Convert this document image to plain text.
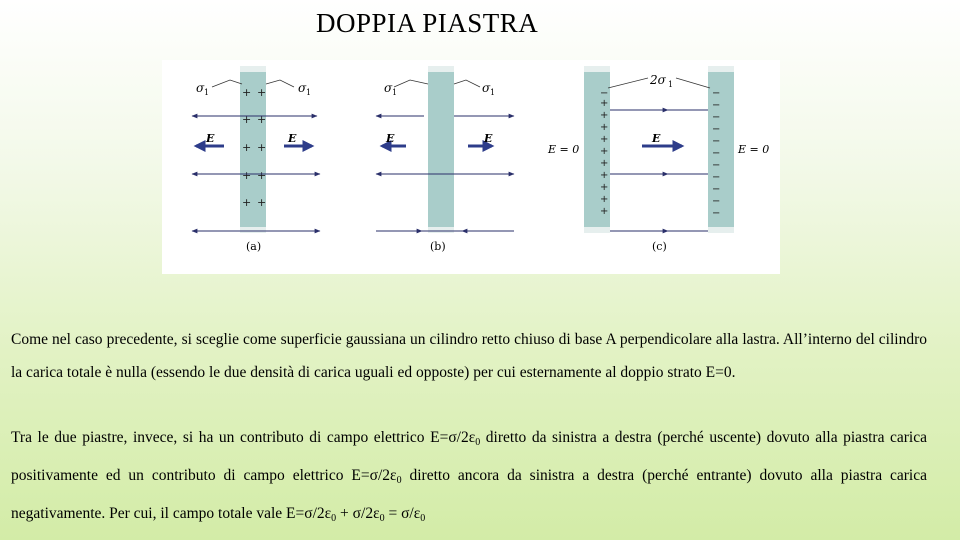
DOPPIA PIASTRA
+ +
+ +
+ +
+ +
+ +
E	E
σ 1	σ 1
(a)
E	E
σ 1	σ 1
(b)
−
+
+
+
+
+
+
+
+
+
+
−
−
−
−
−
−
−
−
−
−
−
E
E = 0	E = 0
2σ 1
(c)

Come nel caso precedente, si sceglie come superficie gaussiana un cilindro retto chiuso di base A perpendicolare alla lastra. All’interno del cilindro la carica totale è nulla (essendo le due densità di carica uguali ed opposte) per cui esternamente al doppio strato E=0.

Tra le due piastre, invece, si ha un contributo di campo elettrico $E=\sigma/2\varepsilon_0$ diretto da sinistra a destra (perché uscente) dovuto alla piastra carica positivamente ed un contributo di campo elettrico $E=\sigma/2\varepsilon_0$ diretto ancora da sinistra a destra (perché entrante) dovuto alla piastra carica negativamente. Per cui, il campo totale vale $E=\sigma/2\varepsilon_0 + \sigma/2\varepsilon_0 = \sigma/\varepsilon_0$
